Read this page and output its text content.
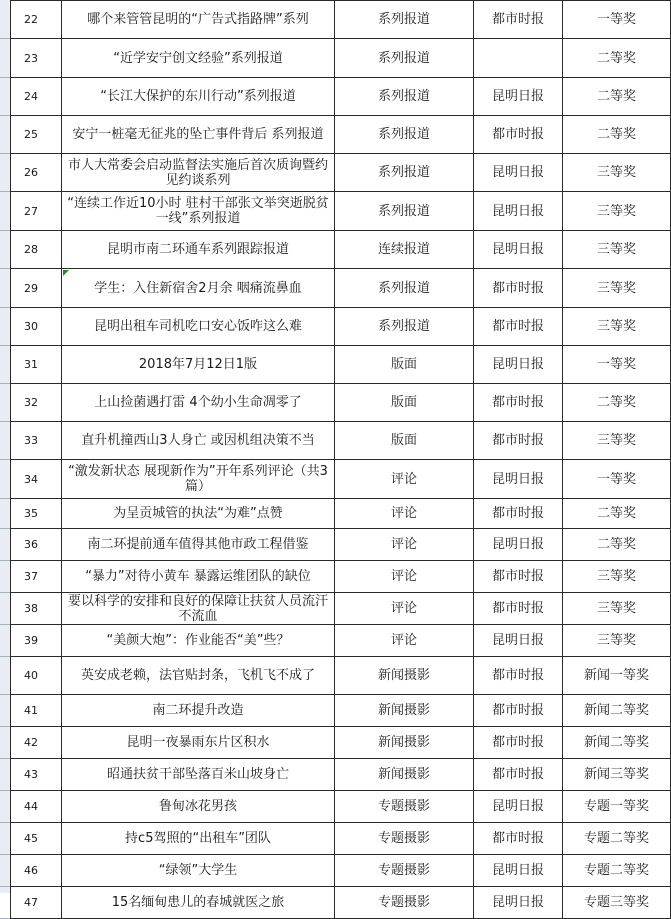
22	哪个来管管昆明的“广告式指路牌”系列	系列报道	都市时报	一等奖
23	“近学安宁创文经验”系列报道	系列报道		二等奖
24	“长江大保护的东川行动”系列报道	系列报道	昆明日报	二等奖
25	安宁一桩毫无征兆的坠亡事件背后 系列报道	系列报道	都市时报	二等奖
26	市人大常委会启动监督法实施后首次质询暨约见约谈系列	系列报道	昆明日报	三等奖
27	“连续工作近10小时 驻村干部张文举突逝脱贫一线”系列报道	系列报道	昆明日报	三等奖
28	昆明市南二环通车系列跟踪报道	连续报道	昆明日报	三等奖
29	学生：入住新宿舍2月余 咽痛流鼻血	系列报道	都市时报	三等奖
30	昆明出租车司机吃口安心饭咋这么难	系列报道	都市时报	三等奖
31	2018年7月12日1版	版面	昆明日报	一等奖
32	上山捡菌遇打雷 4个幼小生命凋零了	版面	都市时报	二等奖
33	直升机撞西山3人身亡 或因机组决策不当	版面	都市时报	三等奖
34	“激发新状态 展现新作为”开年系列评论（共3篇）	评论	昆明日报	一等奖
35	为呈贡城管的执法“为难”点赞	评论	都市时报	二等奖
36	南二环提前通车值得其他市政工程借鉴	评论	昆明日报	二等奖
37	“暴力”对待小黄车 暴露运维团队的缺位	评论	都市时报	三等奖
38	要以科学的安排和良好的保障让扶贫人员流汗不流血	评论	都市时报	三等奖
39	“美颜大炮”：作业能否“美”些？	评论	昆明日报	三等奖
40	英安成老赖，法官贴封条，飞机飞不成了	新闻摄影	都市时报	新闻一等奖
41	南二环提升改造	新闻摄影	都市时报	新闻二等奖
42	昆明一夜暴雨东片区积水	新闻摄影	都市时报	新闻二等奖
43	昭通扶贫干部坠落百米山坡身亡	新闻摄影	都市时报	新闻三等奖
44	鲁甸冰花男孩	专题摄影	昆明日报	专题一等奖
45	持c5驾照的“出租车”团队	专题摄影	都市时报	专题二等奖
46	“绿领”大学生	专题摄影	昆明日报	专题二等奖
47	15名缅甸患儿的春城就医之旅	专题摄影	昆明日报	专题三等奖
